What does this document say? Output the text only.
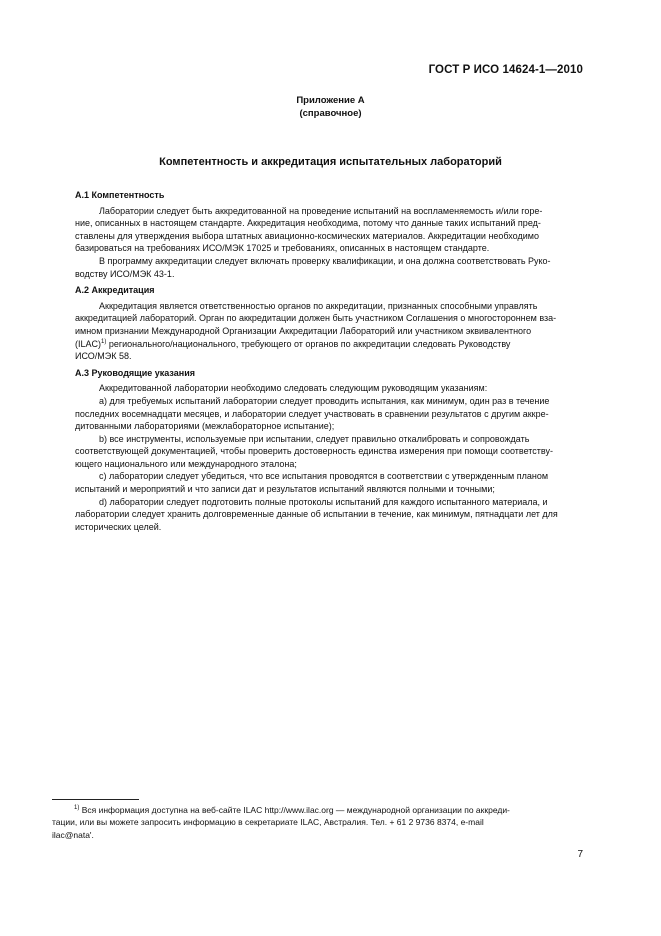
ГОСТ Р ИСО 14624-1—2010
Приложение А
(справочное)
Компетентность и аккредитация испытательных лабораторий
А.1 Компетентность
Лаборатории следует быть аккредитованной на проведение испытаний на воспламеняемость и/или горе-
ние, описанных в настоящем стандарте. Аккредитация необходима, потому что данные таких испытаний пред-
ставлены для утверждения выбора штатных авиационно-космических материалов. Аккредитации необходимо
базироваться на требованиях ИСО/МЭК 17025 и требованиях, описанных в настоящем стандарте.
В программу аккредитации следует включать проверку квалификации, и она должна соответствовать Руко-
водству ИСО/МЭК 43-1.
А.2 Аккредитация
Аккредитация является ответственностью органов по аккредитации, признанных способными управлять
аккредитацией лабораторий. Орган по аккредитации должен быть участником Соглашения о многостороннем вза-
имном признании Международной Организации Аккредитации Лабораторий или участником эквивалентного
(ILAC)$^{1)}$ региональнoго/национального, требующего от органов по аккредитации следовать Руководству
ИСО/МЭК 58.
А.3 Руководящие указания
Аккредитованной лаборатории необходимо следовать следующим руководящим указаниям:
а) для требуемых испытаний лаборатории следует проводить испытания, как минимум, один раз в течение
последних восемнадцати месяцев, и лаборатории следует участвовать в сравнении результатов с другим аккре-
дитованными лабораториями (межлабораторное испытание);
b) все инструменты, используемые при испытании, следует правильно откалибровать и сопровождать
соответствующей документацией, чтобы проверить достоверность единства измерения при помощи соответству-
ющего национального или международного эталона;
с) лаборатории следует убедиться, что все испытания проводятся в соответствии с утвержденным планом
испытаний и мероприятий и что записи дат и результатов испытаний являются полными и точными;
d) лаборатории следует подготовить полные протоколы испытаний для каждого испытанного материала, и
лаборатории следует хранить долговременные данные об испытании в течение, как минимум, пятнадцати лет для
исторических целей.
$^{1)}$ Вся информация доступна на веб-сайте ILAC http://www.ilac.org — международной организации по аккреди-
тации, или вы можете запросить информацию в секретариате ILAC, Австралия. Тел. + 61 2 9736 8374, e-mail
ilac@nata'.
7
